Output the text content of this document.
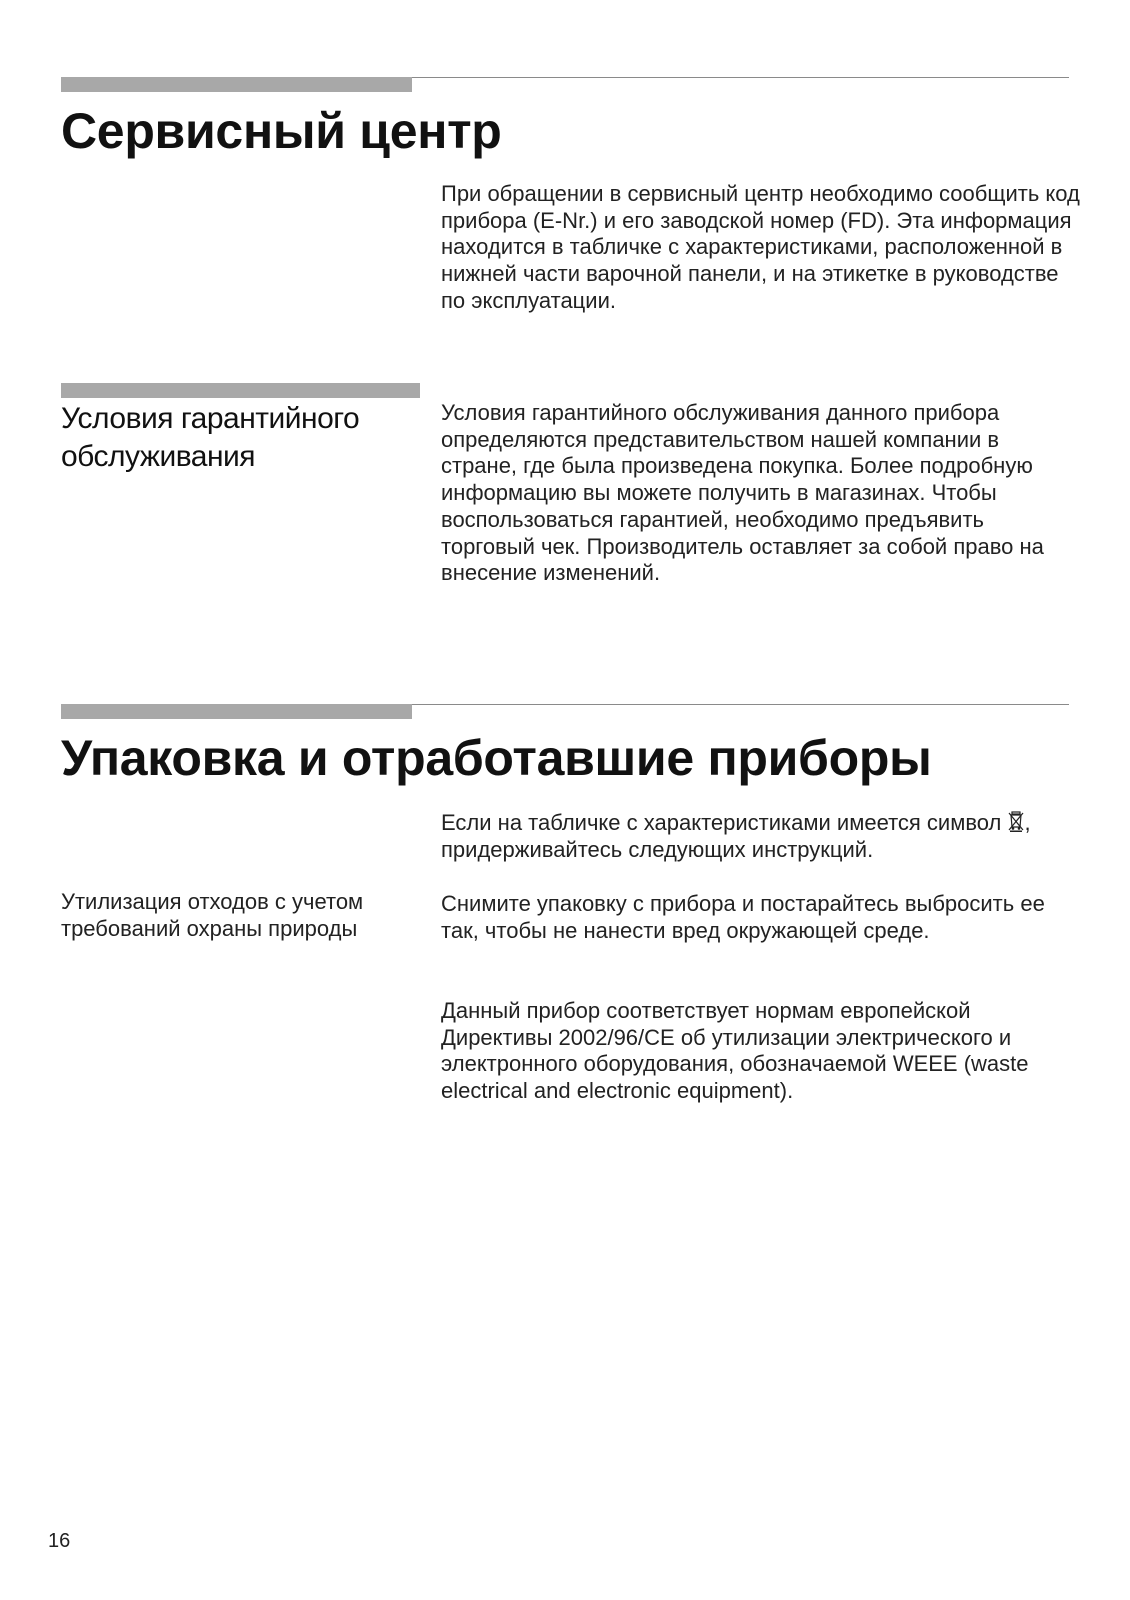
Сервисный центр

При обращении в сервисный центр необходимо сообщить код прибора (E-Nr.) и его заводской номер (FD). Эта информация находится в табличке с характеристиками, расположенной в нижней части варочной панели, и на этикетке в руководстве по эксплуатации.

Условия гарантийного обслуживания

Условия гарантийного обслуживания данного прибора определяются представительством нашей компании в стране, где была произведена покупка. Более подробную информацию вы можете получить в магазинах. Чтобы воспользоваться гарантией, необходимо предъявить торговый чек. Производитель оставляет за собой право на внесение изменений.

Упаковка и отработавшие приборы

Если на табличке с характеристиками имеется символ , придерживайтесь следующих инструкций.

Утилизация отходов с учетом требований охраны природы

Снимите упаковку с прибора и постарайтесь выбросить ее так, чтобы не нанести вред окружающей среде.

Данный прибор соответствует нормам европейской Директивы 2002/96/CE об утилизации электрического и электронного оборудования, обозначаемой WEEE (waste electrical and electronic equipment).

16
